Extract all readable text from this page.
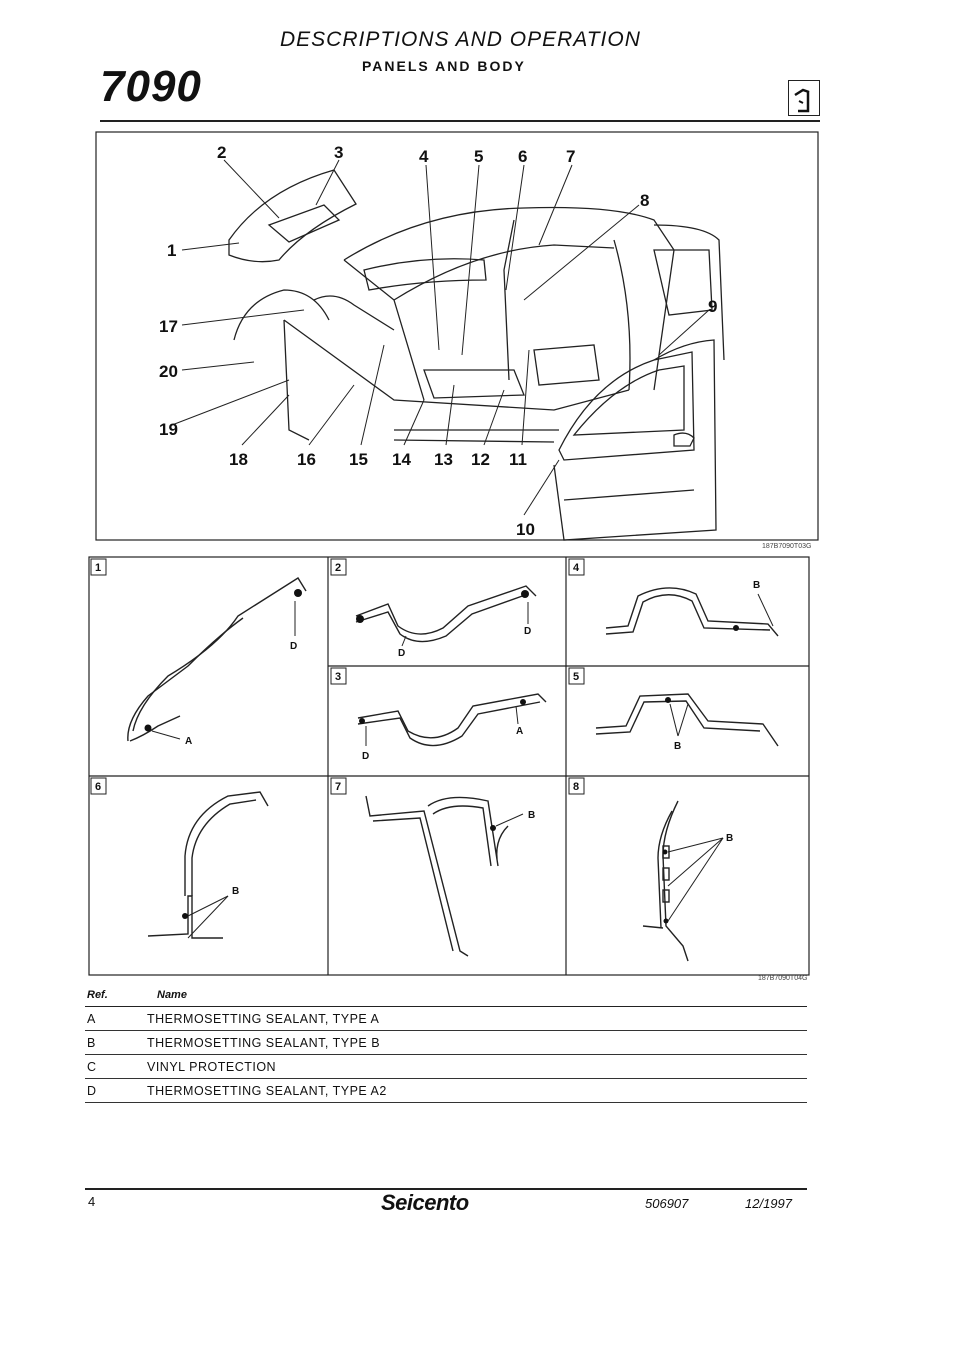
7090
DESCRIPTIONS AND OPERATION
PANELS AND BODY
1
2	3	4	5 6 7
8
9
10
11
12
13
14
15
16
17
18
19
20
187B7090T03G
1	2
3
4
5
6	7	8
D
A
D
D
D
A
B
B
B
B
B
187B7090T04G
Ref.	Name
A	THERMOSETTING SEALANT, TYPE A
B	THERMOSETTING SEALANT, TYPE B
C	VINYL PROTECTION
D	THERMOSETTING SEALANT, TYPE A2
4	Seicento	506907	12/1997
